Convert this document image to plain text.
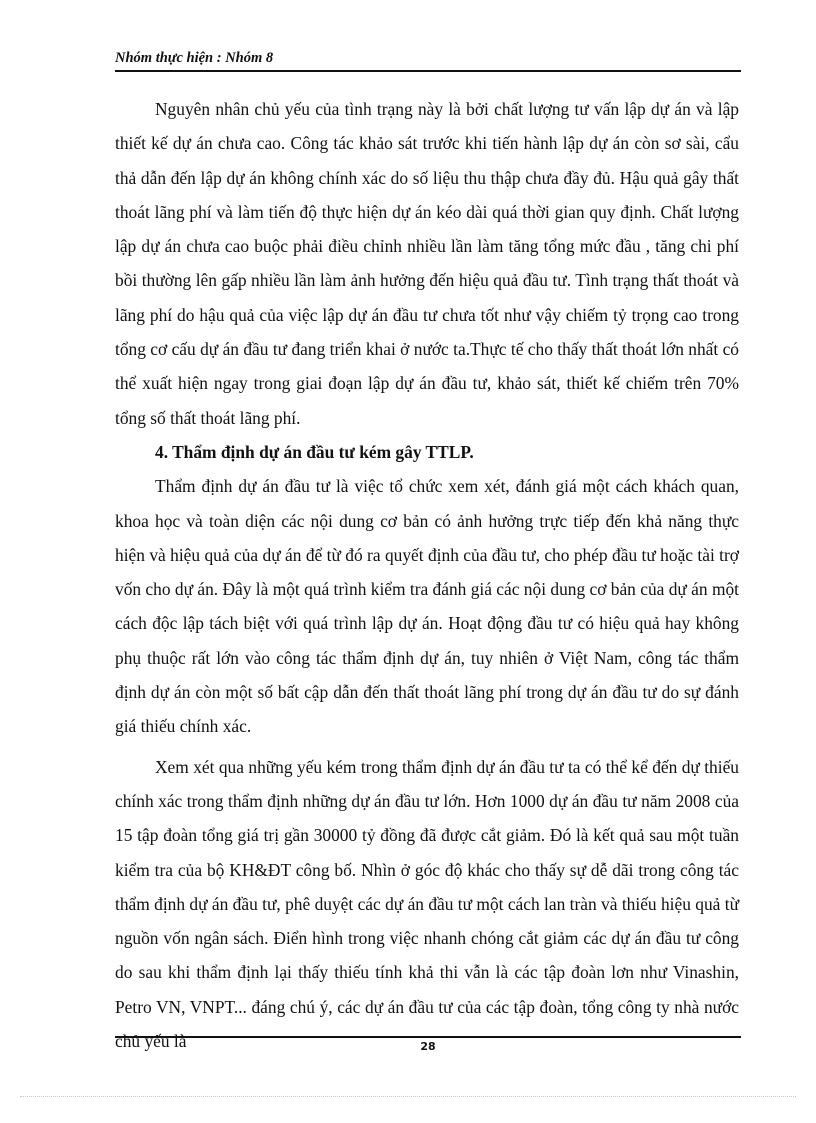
Nhóm thực hiện : Nhóm 8

Nguyên nhân chủ yếu của tình trạng này là bởi chất lượng tư vấn lập dự án và lập thiết kế dự án chưa cao. Công tác khảo sát trước khi tiến hành lập dự án còn sơ sài, cẩu thả dẫn đến lập dự án không chính xác do số liệu thu thập chưa đầy đủ. Hậu quả gây thất thoát lãng phí và làm tiến độ thực hiện dự án kéo dài quá thời gian quy định. Chất lượng lập dự án chưa cao buộc phải điều chỉnh nhiều lần làm tăng tổng mức đầu , tăng chi phí bồi thường lên gấp nhiều lần làm ảnh hưởng đến hiệu quả đầu tư. Tình trạng thất thoát và lãng phí do hậu quả của việc lập dự án đầu tư chưa tốt như vậy chiếm tỷ trọng cao trong tổng cơ cấu dự án đầu tư đang triển khai ở nước ta.Thực tế cho thấy thất thoát lớn nhất có thể xuất hiện ngay trong giai đoạn lập dự án đầu tư, khảo sát, thiết kế chiếm trên 70% tổng số thất thoát lãng phí.

4. Thẩm định dự án đầu tư kém gây TTLP.

Thẩm định dự án đầu tư là việc tổ chức xem xét, đánh giá một cách khách quan, khoa học và toàn diện các nội dung cơ bản có ảnh hưởng trực tiếp đến khả năng thực hiện và hiệu quả của dự án để từ đó ra quyết định của đầu tư, cho phép đầu tư hoặc tài trợ vốn cho dự án. Đây là một quá trình kiểm tra đánh giá các nội dung cơ bản của dự án một cách độc lập tách biệt với quá trình lập dự án. Hoạt động đầu tư có hiệu quả hay không phụ thuộc rất lớn vào công tác thẩm định dự án, tuy nhiên ở Việt Nam, công tác thẩm định dự án còn một số bất cập dẫn đến thất thoát lãng phí trong dự án đầu tư do sự đánh giá thiếu chính xác.

Xem xét qua những yếu kém trong thẩm định dự án đầu tư ta có thể kể đến dự thiếu chính xác trong thẩm định những dự án đầu tư lớn. Hơn 1000 dự án đầu tư năm 2008 của 15 tập đoàn tổng giá trị gần 30000 tỷ đồng đã được cắt giảm. Đó là kết quả sau một tuần kiểm tra của bộ KH&ĐT công bố. Nhìn ở góc độ khác cho thấy sự dễ dãi trong công tác thẩm định dự án đầu tư, phê duyệt các dự án đầu tư một cách lan tràn và thiếu hiệu quả từ nguồn vốn ngân sách. Điển hình trong việc nhanh chóng cắt giảm các dự án đầu tư công do sau khi thẩm định lại thấy thiếu tính khả thi vẫn là các tập đoàn lơn như Vinashin, Petro VN, VNPT... đáng chú ý, các dự án đầu tư của các tập đoàn, tổng công ty nhà nước chủ yếu là	28
